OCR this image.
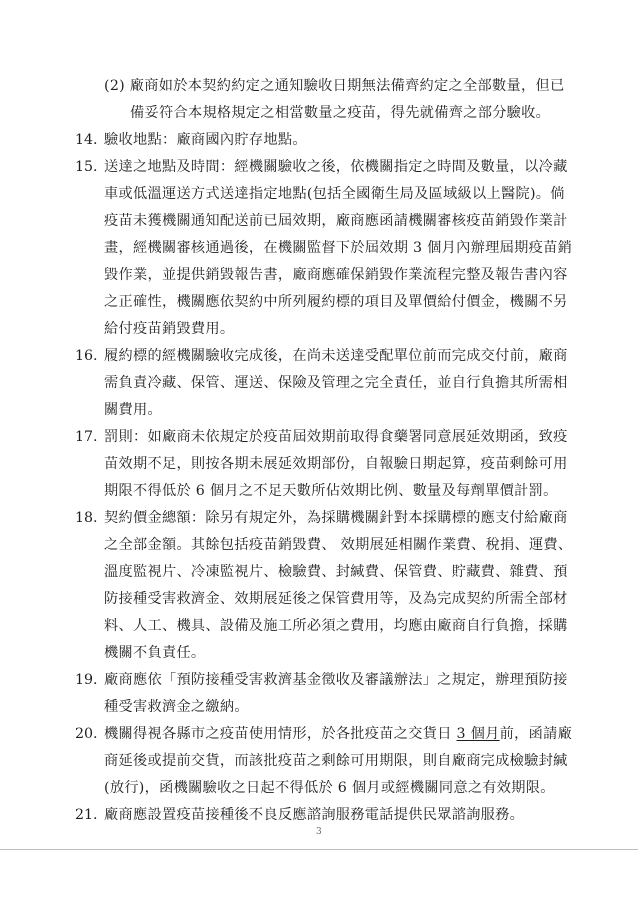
(2) 廠商如於本契約約定之通知驗收日期無法備齊約定之全部數量，但已
備妥符合本規格規定之相當數量之疫苗，得先就備齊之部分驗收。
14. 驗收地點：廠商國內貯存地點。
15. 送達之地點及時間：經機關驗收之後，依機關指定之時間及數量，以冷藏
車或低溫運送方式送達指定地點(包括全國衛生局及區域級以上醫院)。倘
疫苗未獲機關通知配送前已屆效期，廠商應函請機關審核疫苗銷毀作業計
畫，經機關審核通過後，在機關監督下於屆效期 3 個月內辦理屆期疫苗銷
毀作業，並提供銷毀報告書，廠商應確保銷毀作業流程完整及報告書內容
之正確性，機關應依契約中所列履約標的項目及單價給付價金，機關不另
給付疫苗銷毀費用。
16. 履約標的經機關驗收完成後，在尚未送達受配單位前而完成交付前，廠商
需負責冷藏、保管、運送、保險及管理之完全責任，並自行負擔其所需相
關費用。
17. 罰則：如廠商未依規定於疫苗屆效期前取得食藥署同意展延效期函，致疫
苗效期不足，則按各期未展延效期部份，自報驗日期起算，疫苗剩餘可用
期限不得低於 6 個月之不足天數所佔效期比例、數量及每劑單價計罰。
18. 契約價金總額：除另有規定外，為採購機關針對本採購標的應支付給廠商
之全部金額。其餘包括疫苗銷毀費、 效期展延相關作業費、稅捐、運費、
溫度監視片、冷凍監視片、檢驗費、封緘費、保管費、貯藏費、雜費、預
防接種受害救濟金、效期展延後之保管費用等，及為完成契約所需全部材
料、人工、機具、設備及施工所必須之費用，均應由廠商自行負擔，採購
機關不負責任。
19. 廠商應依「預防接種受害救濟基金徵收及審議辦法」之規定，辦理預防接
種受害救濟金之繳納。
20. 機關得視各縣市之疫苗使用情形，於各批疫苗之交貨日 3 個月前，函請廠
商延後或提前交貨，而該批疫苗之剩餘可用期限，則自廠商完成檢驗封緘
(放行)，函機關驗收之日起不得低於 6 個月或經機關同意之有效期限。
21. 廠商應設置疫苗接種後不良反應諮詢服務電話提供民眾諮詢服務。
3
